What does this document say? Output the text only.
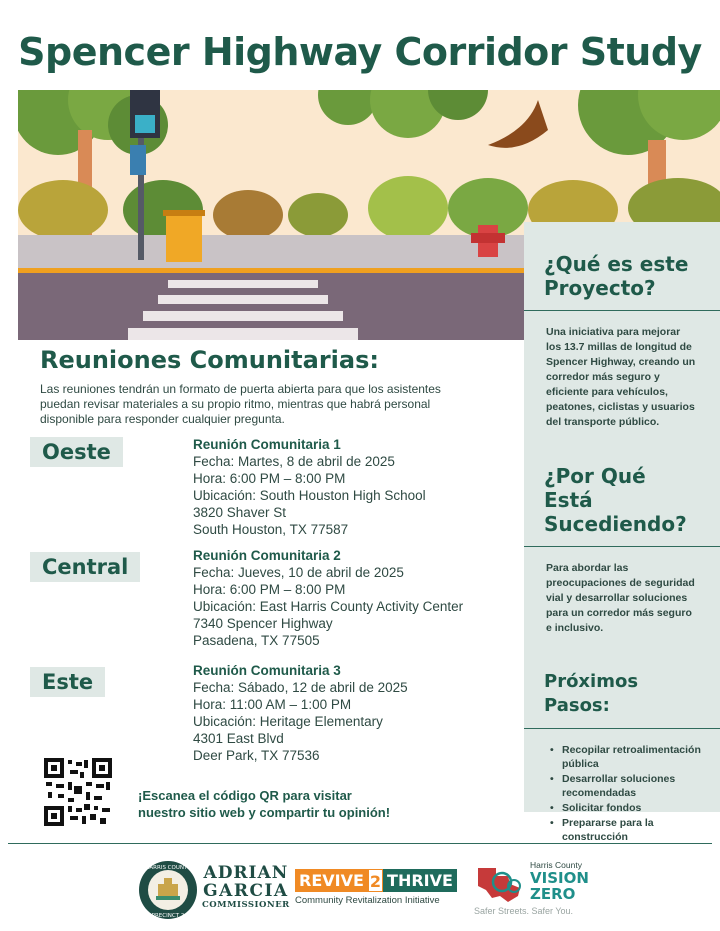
Spencer Highway Corridor Study
¿Qué es este Proyecto?

Una iniciativa para mejorar los 13.7 millas de longitud de Spencer Highway, creando un corredor más seguro y eficiente para vehículos, peatones, ciclistas y usuarios del transporte público.

¿Por Qué Está Sucediendo?

Para abordar las preocupaciones de seguridad vial y desarrollar soluciones para un corredor más seguro e inclusivo.

Próximos Pasos:
• Recopilar retroalimentación pública
• Desarrollar soluciones recomendadas
• Solicitar fondos
• Prepararse para la construcción
Reuniones Comunitarias:
Las reuniones tendrán un formato de puerta abierta para que los asistentes puedan revisar materiales a su propio ritmo, mientras que habrá personal disponible para responder cualquier pregunta.
Oeste	Reunión Comunitaria 1
Fecha: Martes, 8 de abril de 2025
Hora: 6:00 PM – 8:00 PM
Ubicación: South Houston High School
3820 Shaver St
South Houston, TX 77587
Central	Reunión Comunitaria 2
Fecha: Jueves, 10 de abril de 2025
Hora: 6:00 PM – 8:00 PM
Ubicación: East Harris County Activity Center
7340 Spencer Highway
Pasadena, TX 77505
Este	Reunión Comunitaria 3
Fecha: Sábado, 12 de abril de 2025
Hora: 11:00 AM – 1:00 PM
Ubicación: Heritage Elementary
4301 East Blvd
Deer Park, TX 77536
¡Escanea el código QR para visitar
nuestro sitio web y compartir tu opinión!
HARRIS COUNTY
PRECINCT 2
ADRIAN
GARCIA
COMMISSIONER
REVIVE 2 THRIVE
Community Revitalization Initiative
Harris County
VISION
ZERO
Safer Streets. Safer You.
